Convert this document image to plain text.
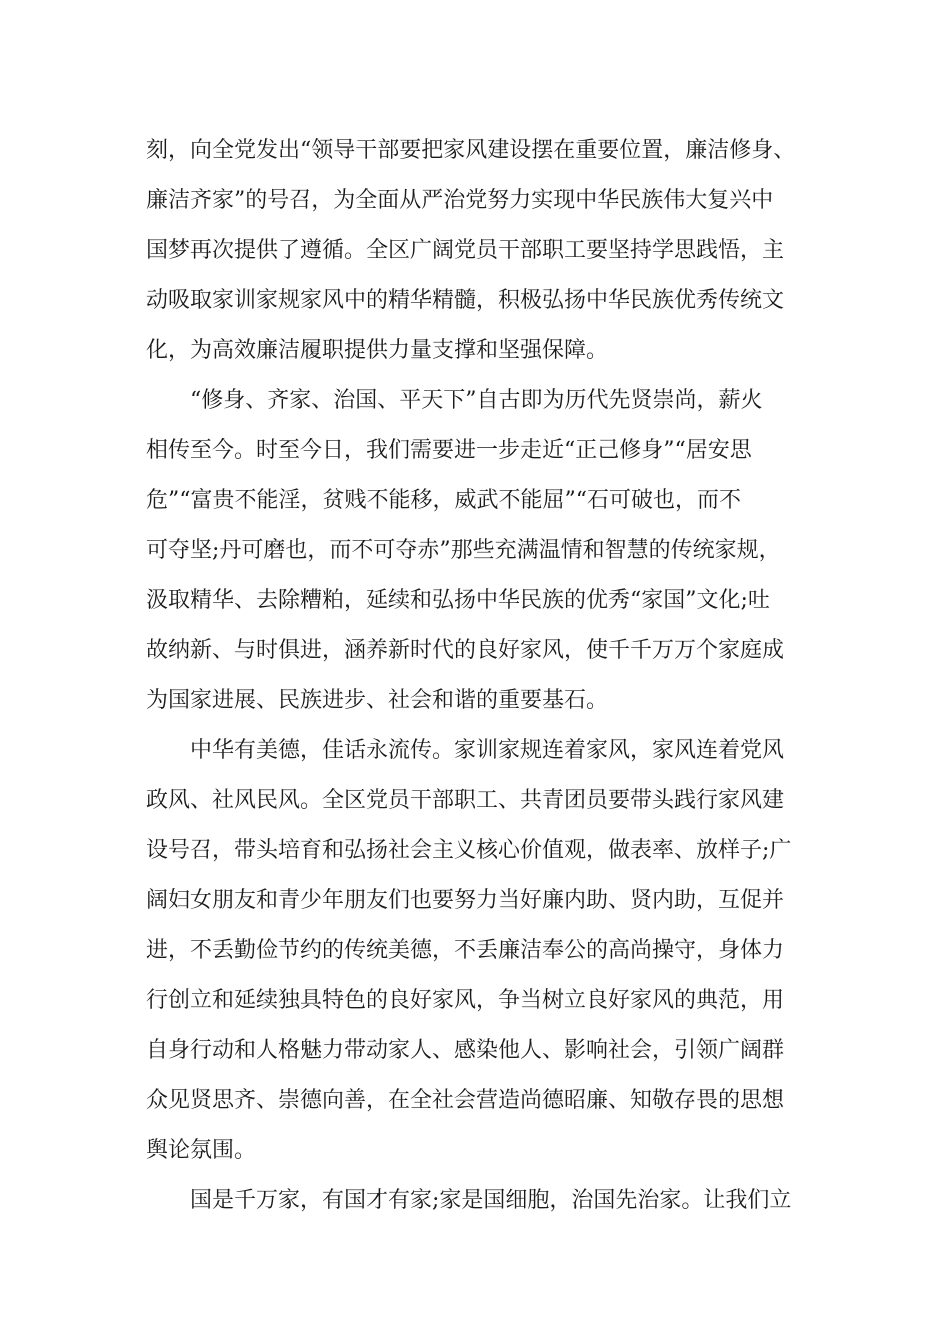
刻，向全党发出“领导干部要把家风建设摆在重要位置，廉洁修身、
廉洁齐家”的号召，为全面从严治党努力实现中华民族伟大复兴中
国梦再次提供了遵循。全区广阔党员干部职工要坚持学思践悟，主
动吸取家训家规家风中的精华精髓，积极弘扬中华民族优秀传统文
化，为高效廉洁履职提供力量支撑和坚强保障。
“修身、齐家、治国、平天下”自古即为历代先贤崇尚，薪火
相传至今。时至今日，我们需要进一步走近“正己修身”“居安思
危”“富贵不能淫，贫贱不能移，威武不能屈”“石可破也，而不
可夺坚;丹可磨也，而不可夺赤”那些充满温情和智慧的传统家规，
汲取精华、去除糟粕，延续和弘扬中华民族的优秀“家国”文化;吐
故纳新、与时俱进，涵养新时代的良好家风，使千千万万个家庭成
为国家进展、民族进步、社会和谐的重要基石。
中华有美德，佳话永流传。家训家规连着家风，家风连着党风
政风、社风民风。全区党员干部职工、共青团员要带头践行家风建
设号召，带头培育和弘扬社会主义核心价值观，做表率、放样子;广
阔妇女朋友和青少年朋友们也要努力当好廉内助、贤内助，互促并
进，不丢勤俭节约的传统美德，不丢廉洁奉公的高尚操守，身体力
行创立和延续独具特色的良好家风，争当树立良好家风的典范，用
自身行动和人格魅力带动家人、感染他人、影响社会，引领广阔群
众见贤思齐、崇德向善，在全社会营造尚德昭廉、知敬存畏的思想
舆论氛围。
国是千万家，有国才有家;家是国细胞，治国先治家。让我们立
